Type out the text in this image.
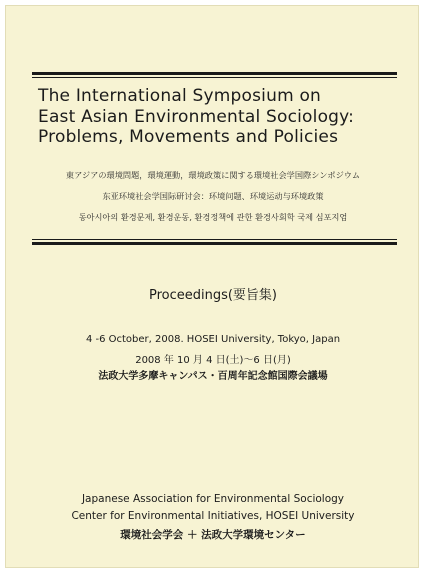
The International Symposium on
East Asian Environmental Sociology:
Problems, Movements and Policies
東アジアの環境問題，環境運動，環境政策に関する環境社会学国際シンポジウム
东亚环境社会学国际研讨会：环境问题、环境运动与环境政策
동아시아의 환경문제, 환경운동, 환경정책에 관한 환경사회학 국제 심포지엄
Proceedings(要旨集)
4 -6 October, 2008. HOSEI University, Tokyo, Japan
2008 年 10 月 4 日(土)～6 日(月)
法政大学多摩キャンパス・百周年記念館国際会議場
Japanese Association for Environmental Sociology
Center for Environmental Initiatives, HOSEI University
環境社会学会 ＋ 法政大学環境センター
